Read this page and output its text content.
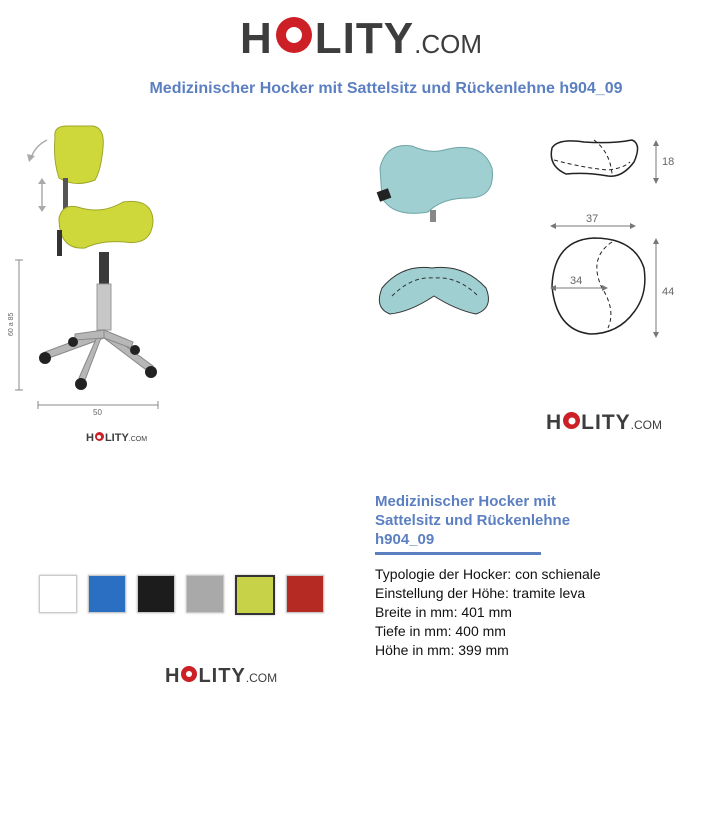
H LITY .COM
Medizinischer Hocker mit Sattelsitz und Rückenlehne h904_09
60 a 85
50
H LITY .COM
18
37
34
44
H LITY .COM
H LITY .COM
Medizinischer Hocker mit Sattelsitz und Rückenlehne h904_09
Typologie der Hocker: con schienale
Einstellung der Höhe: tramite leva
Breite in mm: 401 mm
Tiefe in mm: 400 mm
Höhe in mm: 399 mm
